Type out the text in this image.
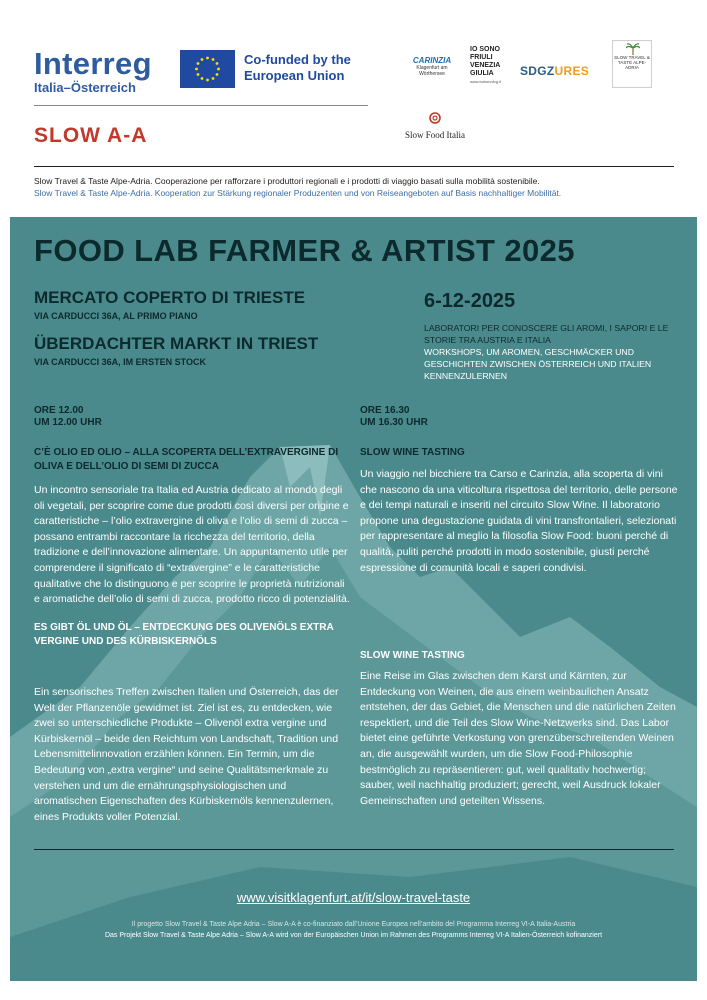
Interreg
Italia–Österreich
Co-funded by the European Union
SLOW A-A
CARINZIA
Klagenfurt am Wörthersee
IO SONO FRIULI VENEZIA GIULIA
www.turismofvg.it
SDGZURES
SLOW TRAVEL & TASTE ALPE-ADRIA
Slow Food Italia
Slow Travel & Taste Alpe-Adria. Cooperazione per rafforzare i produttori regionali e i prodotti di viaggio basati sulla mobilità sostenibile.
Slow Travel & Taste Alpe-Adria. Kooperation zur Stärkung regionaler Produzenten und von Reiseangeboten auf Basis nachhaltiger Mobilität.
FOOD LAB FARMER & ARTIST 2025
MERCATO COPERTO DI TRIESTE
VIA CARDUCCI 36A, AL PRIMO PIANO
ÜBERDACHTER MARKT IN TRIEST
VIA CARDUCCI 36A, IM ERSTEN STOCK
6-12-2025
LABORATORI PER CONOSCERE GLI AROMI, I SAPORI E LE STORIE TRA AUSTRIA E ITALIA
WORKSHOPS, UM AROMEN, GESCHMÄCKER UND GESCHICHTEN ZWISCHEN ÖSTERREICH UND ITALIEN KENNENZULERNEN
ORE 12.00
UM 12.00 UHR
C’È OLIO ED OLIO – ALLA SCOPERTA DELL’EXTRAVERGINE DI OLIVA E DELL’OLIO DI SEMI DI ZUCCA
Un incontro sensoriale tra Italia ed Austria dedicato al mondo degli oli vegetali, per scoprire come due prodotti così diversi per origine e caratteristiche – l’olio extravergine di oliva e l’olio di semi di zucca – possano entrambi raccontare la ricchezza del territorio, della tradizione e dell’innovazione alimentare. Un appuntamento utile per comprendere il significato di “extravergine” e le caratteristiche qualitative che lo distinguono e per scoprire le proprietà nutrizionali e aromatiche dell’olio di semi di zucca, prodotto ricco di potenzialità.
ES GIBT ÖL UND ÖL – ENTDECKUNG DES OLIVENÖLS EXTRA VERGINE UND DES KÜRBISKERNÖLS
Ein sensorisches Treffen zwischen Italien und Österreich, das der Welt der Pflanzenöle gewidmet ist. Ziel ist es, zu entdecken, wie zwei so unterschiedliche Produkte – Olivenöl extra vergine und Kürbiskernöl – beide den Reichtum von Landschaft, Tradition und Lebensmittelinnovation erzählen können. Ein Termin, um die Bedeutung von „extra vergine“ und seine Qualitätsmerkmale zu verstehen und um die ernährungsphysiologischen und aromatischen Eigenschaften des Kürbiskernöls kennenzulernen, eines Produkts voller Potenzial.
ORE 16.30
UM 16.30 UHR
SLOW WINE TASTING
Un viaggio nel bicchiere tra Carso e Carinzia, alla scoperta di vini che nascono da una viticoltura rispettosa del territorio, delle persone e dei tempi naturali e inseriti nel circuito Slow Wine. Il laboratorio propone una degustazione guidata di vini transfrontalieri, selezionati per rappresentare al meglio la filosofia Slow Food: buoni perché di qualità, puliti perché prodotti in modo sostenibile, giusti perché espressione di comunità locali e saperi condivisi.
SLOW WINE TASTING
Eine Reise im Glas zwischen dem Karst und Kärnten, zur Entdeckung von Weinen, die aus einem weinbaulichen Ansatz entstehen, der das Gebiet, die Menschen und die natürlichen Zeiten respektiert, und die Teil des Slow Wine-Netzwerks sind. Das Labor bietet eine geführte Verkostung von grenzüberschreitenden Weinen an, die ausgewählt wurden, um die Slow Food-Philosophie bestmöglich zu repräsentieren: gut, weil qualitativ hochwertig; sauber, weil nachhaltig produziert; gerecht, weil Ausdruck lokaler Gemeinschaften und geteilten Wissens.
www.visitklagenfurt.at/it/slow-travel-taste
Il progetto Slow Travel & Taste Alpe Adria – Slow A-A è co-finanziato dall’Unione Europea nell’ambito del Programma Interreg VI-A Italia-Austria
Das Projekt Slow Travel & Taste Alpe Adria – Slow A-A wird von der Europäischen Union im Rahmen des Programms Interreg VI-A Italien-Österreich kofinanziert
